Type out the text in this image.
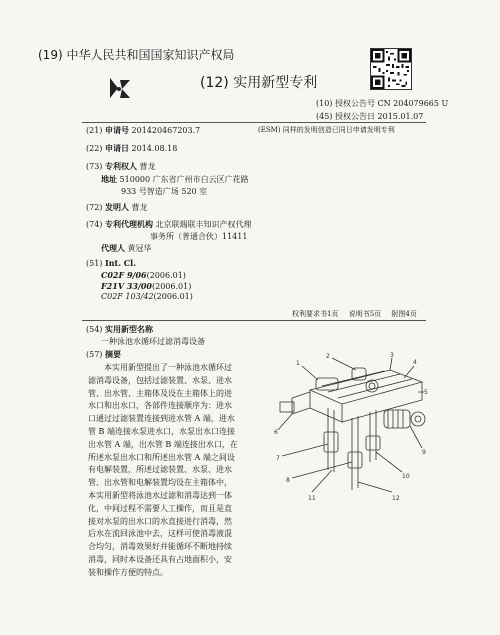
(19) 中华人民共和国国家知识产权局
(12) 实用新型专利
(10) 授权公告号 CN 204079665 U
(45) 授权公告日 2015.01.07
(21) 申请号 201420467203.7	(ESM) 同样的发明创造已同日申请发明专利
(22) 申请日 2014.08.18
(73) 专利权人 曹龙
地址 510000 广东省广州市白云区广花路
933 号智造广场 520 室
(72) 发明人 曹龙
(74) 专利代理机构 北京联瑞联丰知识产权代理
事务所（普通合伙）11411
代理人 黄冠华
(51) Int. Cl.
C02F 9/06(2006.01)
F21V 33/00(2006.01)
C02F 103/42(2006.01)
权利要求书1页 说明书5页 附图4页
(54) 实用新型名称
一种泳池水循环过滤消毒设备
(57) 摘要
本实用新型提出了一种泳池水循环过滤消毒设备，包括过滤装置、水泵、进水管、出水管、主箱体及设在主箱体上的进水口和出水口，各部件连接顺序为：进水口通过过滤装置连接到进水管 A 端，进水管 B 端连接水泵进水口，水泵出水口连接出水管 A 端，出水管 B 端连接出水口，在所述水泵出水口和所述出水管 A 端之间设有电解装置，所述过滤装置、水泵、进水管、出水管和电解装置均设在主箱体中，本实用新型将泳池水过滤和消毒达到一体化，中间过程不需要人工操作，而且是直接对水泵的出水口的水直接进行消毒，然后水在流回泳池中去，这样可使消毒液混合均匀，消毒效果好并能循环不断地持续消毒，同时本设备还具有占地面积小，安装和操作方便的特点。
1
2	3
4
5
6
7
8
9
10
11	12
